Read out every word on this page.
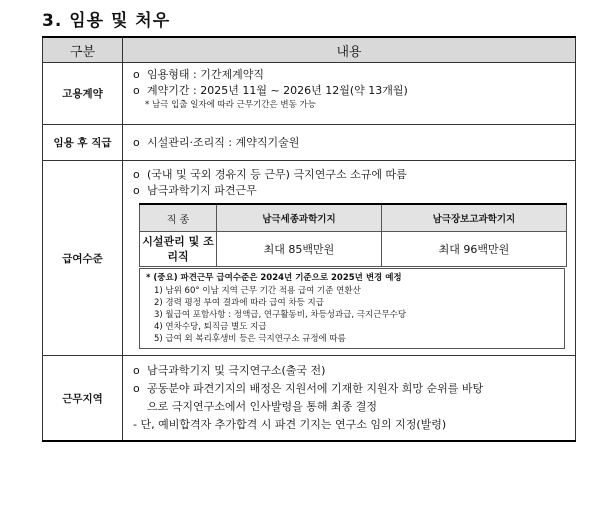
3. 임용 및 처우
구분	내용
고용계약	
o 임용형태 : 기간제계약직
o 계약기간 : 2025년 11월 ~ 2026년 12월(약 13개월)
* 남극 입출 일자에 따라 근무기간은 변동 가능

임용 후 직급	o 시설관리·조리직 : 계약직기술원

급여수준	
o (국내 및 국외 경유지 등 근무) 극지연구소 소규에 따름
o 남극과학기지 파견근무
직 종	남극세종과학기지	남극장보고과학기지
시설관리 및 조리직	최대 85백만원	최대 96백만원
* (중요) 파견근무 급여수준은 2024년 기준으로 2025년 변경 예정
1) 남위 60° 이남 지역 근무 기간 적용 급여 기준 연환산
2) 경력 평정 부여 결과에 따라 급여 차등 지급
3) 월급여 포함사항 : 정액급, 연구활동비, 차등성과급, 극지근무수당
4) 연차수당, 퇴직금 별도 지급
5) 급여 외 복리후생비 등은 극지연구소 규정에 따름

근무지역	
o 남극과학기지 및 극지연구소(출국 전)
o 공동분야 파견기지의 배정은 지원서에 기재한 지원자 희망 순위를 바탕
으로 극지연구소에서 인사발령을 통해 최종 결정
- 단, 예비합격자 추가합격 시 파견 기지는 연구소 임의 지정(발령)
